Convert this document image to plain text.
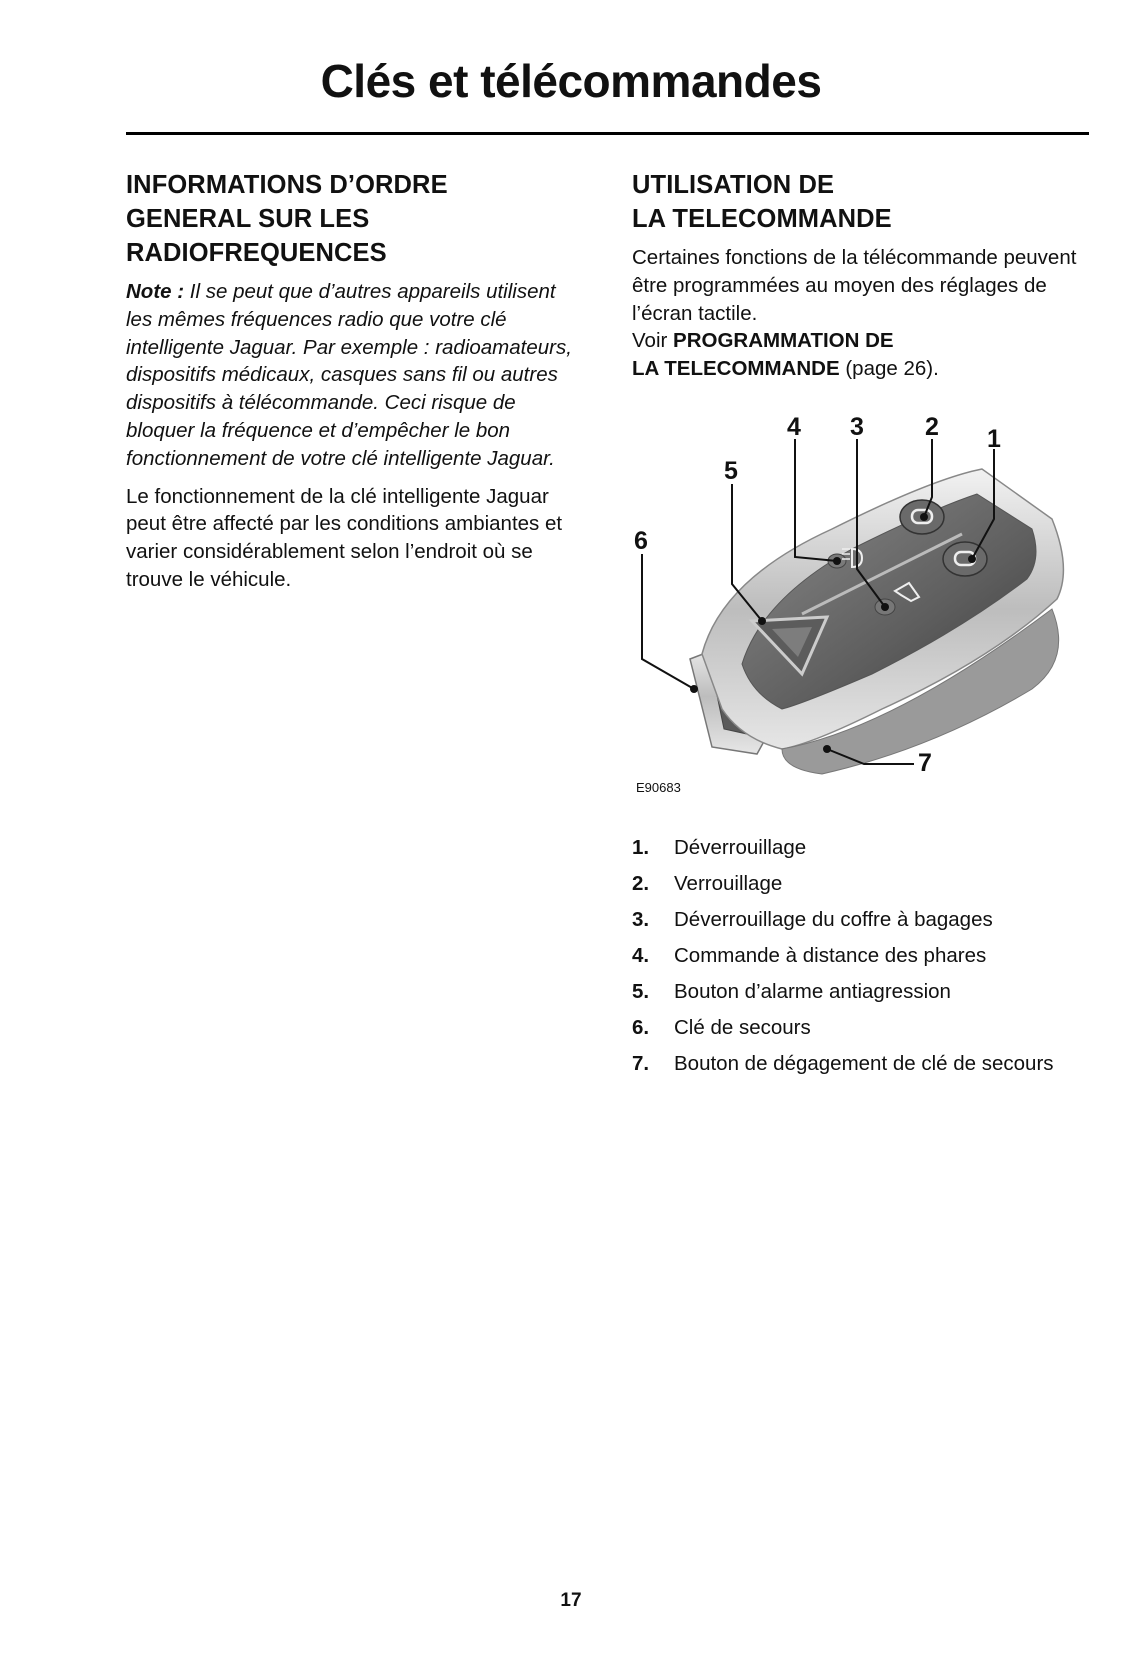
Clés et télécommandes
INFORMATIONS D’ORDRE
GENERAL SUR LES
RADIOFREQUENCES

Note : Il se peut que d’autres appareils utilisent les mêmes fréquences radio que votre clé intelligente Jaguar. Par exemple : radioamateurs, dispositifs médicaux, casques sans fil ou autres dispositifs à télécommande. Ceci risque de bloquer la fréquence et d’empêcher le bon fonctionnement de votre clé intelligente Jaguar.

Le fonctionnement de la clé intelligente Jaguar peut être affecté par les conditions ambiantes et varier considérablement selon l’endroit où se trouve le véhicule.

UTILISATION DE
LA TELECOMMANDE

Certaines fonctions de la télécommande peuvent être programmées au moyen des réglages de l’écran tactile.
Voir PROGRAMMATION DE
LA TELECOMMANDE (page 26).

1
2
3
4
5
6
7
E90683
1.	Déverrouillage
2.	Verrouillage
3.	Déverrouillage du coffre à bagages
4.	Commande à distance des phares
5.	Bouton d’alarme antiagression
6.	Clé de secours
7.	Bouton de dégagement de clé de secours
17
